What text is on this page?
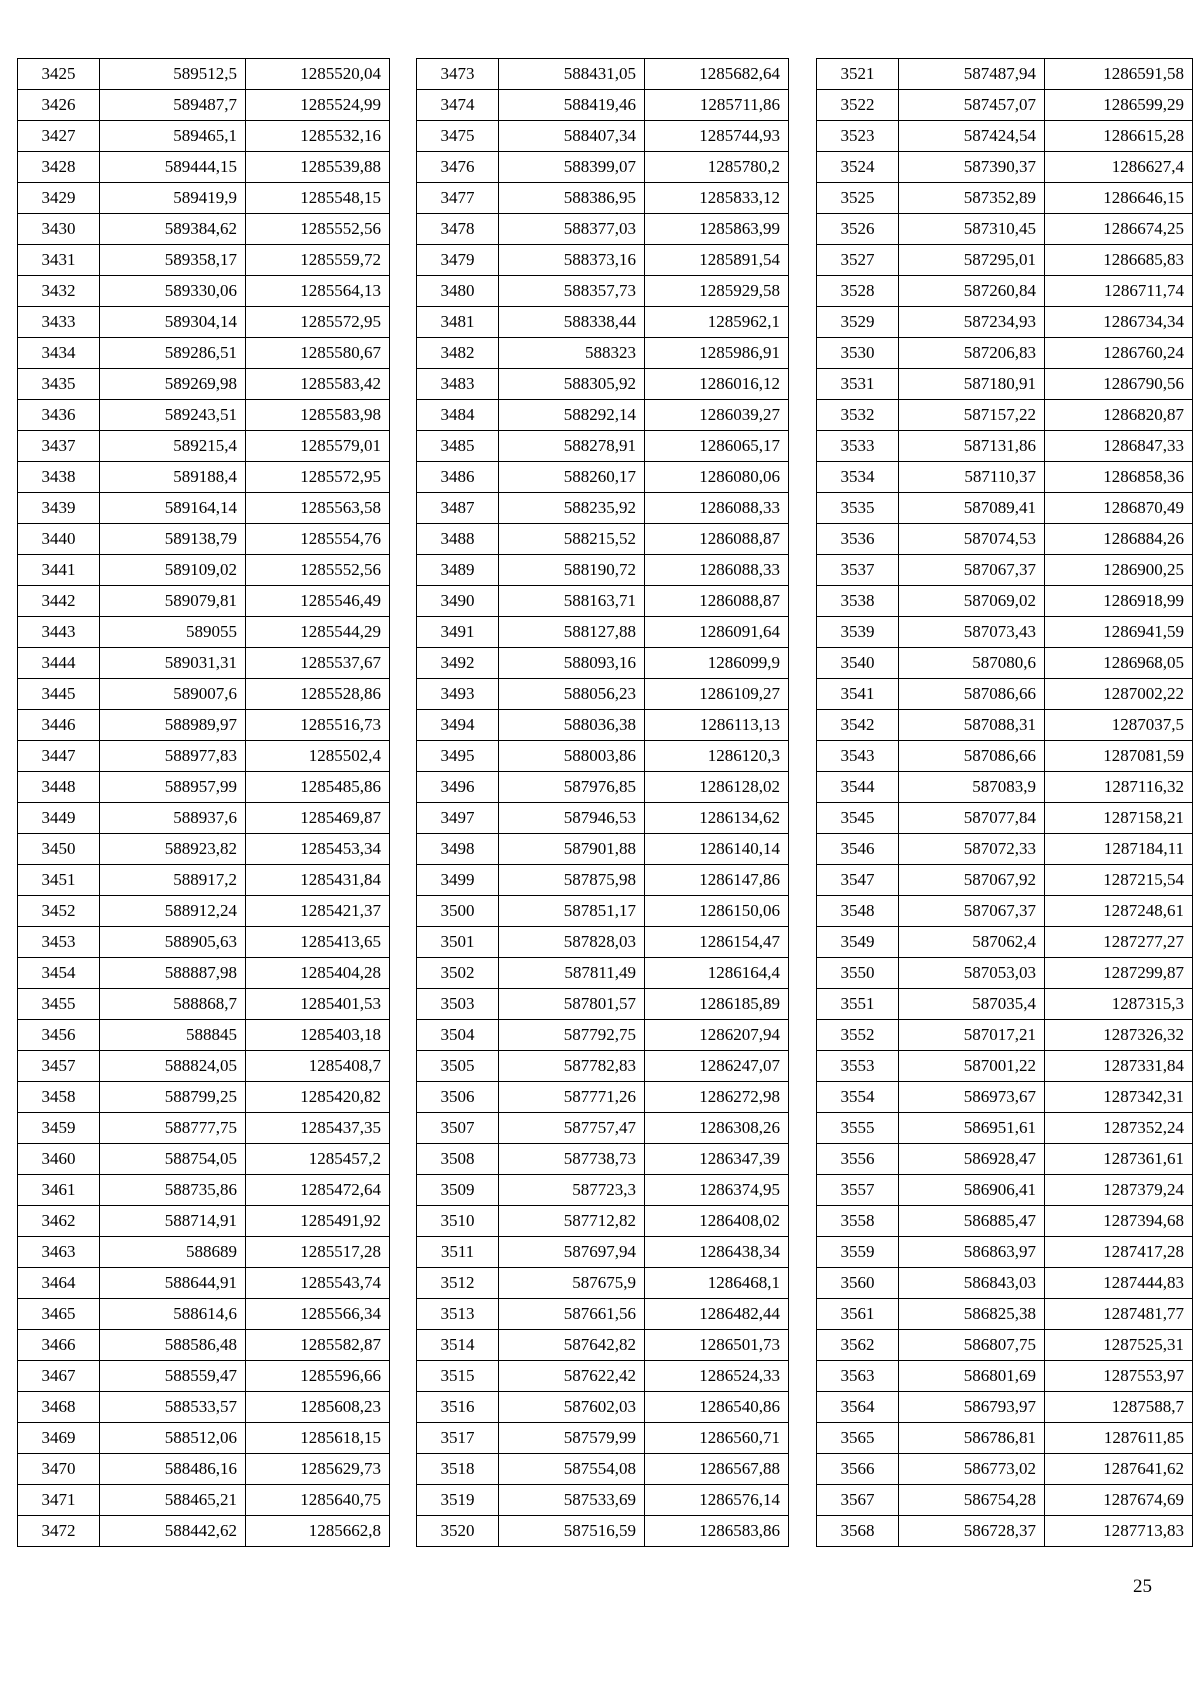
3425	589512,5	1285520,04
3426	589487,7	1285524,99
3427	589465,1	1285532,16
3428	589444,15	1285539,88
3429	589419,9	1285548,15
3430	589384,62	1285552,56
3431	589358,17	1285559,72
3432	589330,06	1285564,13
3433	589304,14	1285572,95
3434	589286,51	1285580,67
3435	589269,98	1285583,42
3436	589243,51	1285583,98
3437	589215,4	1285579,01
3438	589188,4	1285572,95
3439	589164,14	1285563,58
3440	589138,79	1285554,76
3441	589109,02	1285552,56
3442	589079,81	1285546,49
3443	589055	1285544,29
3444	589031,31	1285537,67
3445	589007,6	1285528,86
3446	588989,97	1285516,73
3447	588977,83	1285502,4
3448	588957,99	1285485,86
3449	588937,6	1285469,87
3450	588923,82	1285453,34
3451	588917,2	1285431,84
3452	588912,24	1285421,37
3453	588905,63	1285413,65
3454	588887,98	1285404,28
3455	588868,7	1285401,53
3456	588845	1285403,18
3457	588824,05	1285408,7
3458	588799,25	1285420,82
3459	588777,75	1285437,35
3460	588754,05	1285457,2
3461	588735,86	1285472,64
3462	588714,91	1285491,92
3463	588689	1285517,28
3464	588644,91	1285543,74
3465	588614,6	1285566,34
3466	588586,48	1285582,87
3467	588559,47	1285596,66
3468	588533,57	1285608,23
3469	588512,06	1285618,15
3470	588486,16	1285629,73
3471	588465,21	1285640,75
3472	588442,62	1285662,8
3473	588431,05	1285682,64
3474	588419,46	1285711,86
3475	588407,34	1285744,93
3476	588399,07	1285780,2
3477	588386,95	1285833,12
3478	588377,03	1285863,99
3479	588373,16	1285891,54
3480	588357,73	1285929,58
3481	588338,44	1285962,1
3482	588323	1285986,91
3483	588305,92	1286016,12
3484	588292,14	1286039,27
3485	588278,91	1286065,17
3486	588260,17	1286080,06
3487	588235,92	1286088,33
3488	588215,52	1286088,87
3489	588190,72	1286088,33
3490	588163,71	1286088,87
3491	588127,88	1286091,64
3492	588093,16	1286099,9
3493	588056,23	1286109,27
3494	588036,38	1286113,13
3495	588003,86	1286120,3
3496	587976,85	1286128,02
3497	587946,53	1286134,62
3498	587901,88	1286140,14
3499	587875,98	1286147,86
3500	587851,17	1286150,06
3501	587828,03	1286154,47
3502	587811,49	1286164,4
3503	587801,57	1286185,89
3504	587792,75	1286207,94
3505	587782,83	1286247,07
3506	587771,26	1286272,98
3507	587757,47	1286308,26
3508	587738,73	1286347,39
3509	587723,3	1286374,95
3510	587712,82	1286408,02
3511	587697,94	1286438,34
3512	587675,9	1286468,1
3513	587661,56	1286482,44
3514	587642,82	1286501,73
3515	587622,42	1286524,33
3516	587602,03	1286540,86
3517	587579,99	1286560,71
3518	587554,08	1286567,88
3519	587533,69	1286576,14
3520	587516,59	1286583,86
3521	587487,94	1286591,58
3522	587457,07	1286599,29
3523	587424,54	1286615,28
3524	587390,37	1286627,4
3525	587352,89	1286646,15
3526	587310,45	1286674,25
3527	587295,01	1286685,83
3528	587260,84	1286711,74
3529	587234,93	1286734,34
3530	587206,83	1286760,24
3531	587180,91	1286790,56
3532	587157,22	1286820,87
3533	587131,86	1286847,33
3534	587110,37	1286858,36
3535	587089,41	1286870,49
3536	587074,53	1286884,26
3537	587067,37	1286900,25
3538	587069,02	1286918,99
3539	587073,43	1286941,59
3540	587080,6	1286968,05
3541	587086,66	1287002,22
3542	587088,31	1287037,5
3543	587086,66	1287081,59
3544	587083,9	1287116,32
3545	587077,84	1287158,21
3546	587072,33	1287184,11
3547	587067,92	1287215,54
3548	587067,37	1287248,61
3549	587062,4	1287277,27
3550	587053,03	1287299,87
3551	587035,4	1287315,3
3552	587017,21	1287326,32
3553	587001,22	1287331,84
3554	586973,67	1287342,31
3555	586951,61	1287352,24
3556	586928,47	1287361,61
3557	586906,41	1287379,24
3558	586885,47	1287394,68
3559	586863,97	1287417,28
3560	586843,03	1287444,83
3561	586825,38	1287481,77
3562	586807,75	1287525,31
3563	586801,69	1287553,97
3564	586793,97	1287588,7
3565	586786,81	1287611,85
3566	586773,02	1287641,62
3567	586754,28	1287674,69
3568	586728,37	1287713,83
25
